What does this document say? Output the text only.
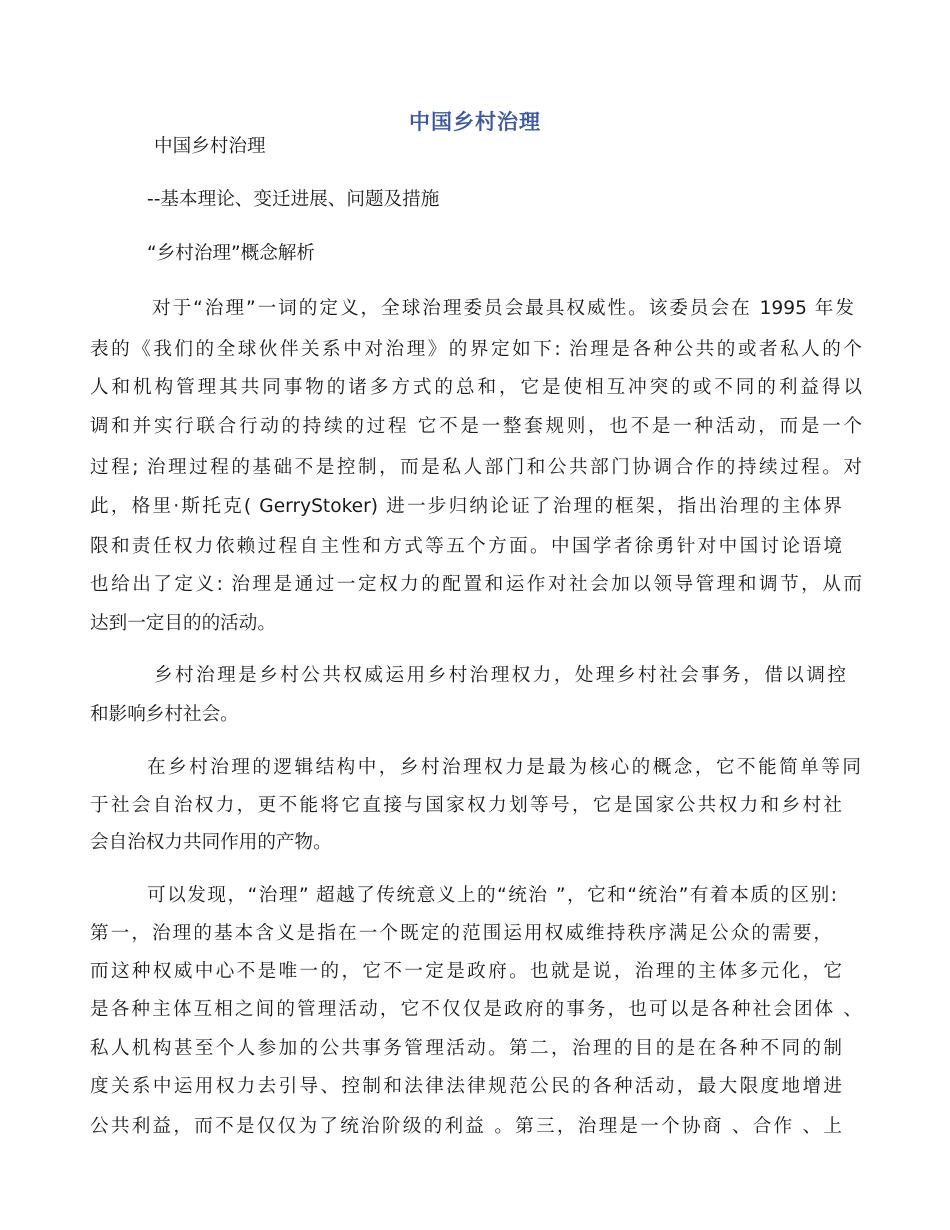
中国乡村治理
中国乡村治理
--基本理论、变迁进展、问题及措施
“乡村治理”概念解析
对于“治理”一词的定义，全球治理委员会最具权威性。该委员会在 1995 年发
表的《我们的全球伙伴关系中对治理》的界定如下: 治理是各种公共的或者私人的个
人和机构管理其共同事物的诸多方式的总和，它是使相互冲突的或不同的利益得以
调和并实行联合行动的持续的过程 它不是一整套规则，也不是一种活动，而是一个
过程; 治理过程的基础不是控制，而是私人部门和公共部门协调合作的持续过程。对
此，格里·斯托克( GerryStoker) 进一步归纳论证了治理的框架，指出治理的主体界
限和责任权力依赖过程自主性和方式等五个方面。中国学者徐勇针对中国讨论语境
也给出了定义: 治理是通过一定权力的配置和运作对社会加以领导管理和调节，从而
达到一定目的的活动。
乡村治理是乡村公共权威运用乡村治理权力，处理乡村社会事务，借以调控
和影响乡村社会。
在乡村治理的逻辑结构中，乡村治理权力是最为核心的概念，它不能简单等同
于社会自治权力，更不能将它直接与国家权力划等号，它是国家公共权力和乡村社
会自治权力共同作用的产物。
可以发现，“治理” 超越了传统意义上的“统治 ”，它和“统治”有着本质的区别:
第一，治理的基本含义是指在一个既定的范围运用权威维持秩序满足公众的需要，
而这种权威中心不是唯一的，它不一定是政府。也就是说，治理的主体多元化，它
是各种主体互相之间的管理活动，它不仅仅是政府的事务，也可以是各种社会团体 、
私人机构甚至个人参加的公共事务管理活动。第二，治理的目的是在各种不同的制
度关系中运用权力去引导、控制和法律法律规范公民的各种活动，最大限度地增进
公共利益，而不是仅仅为了统治阶级的利益 。第三，治理是一个协商 、合作 、上
